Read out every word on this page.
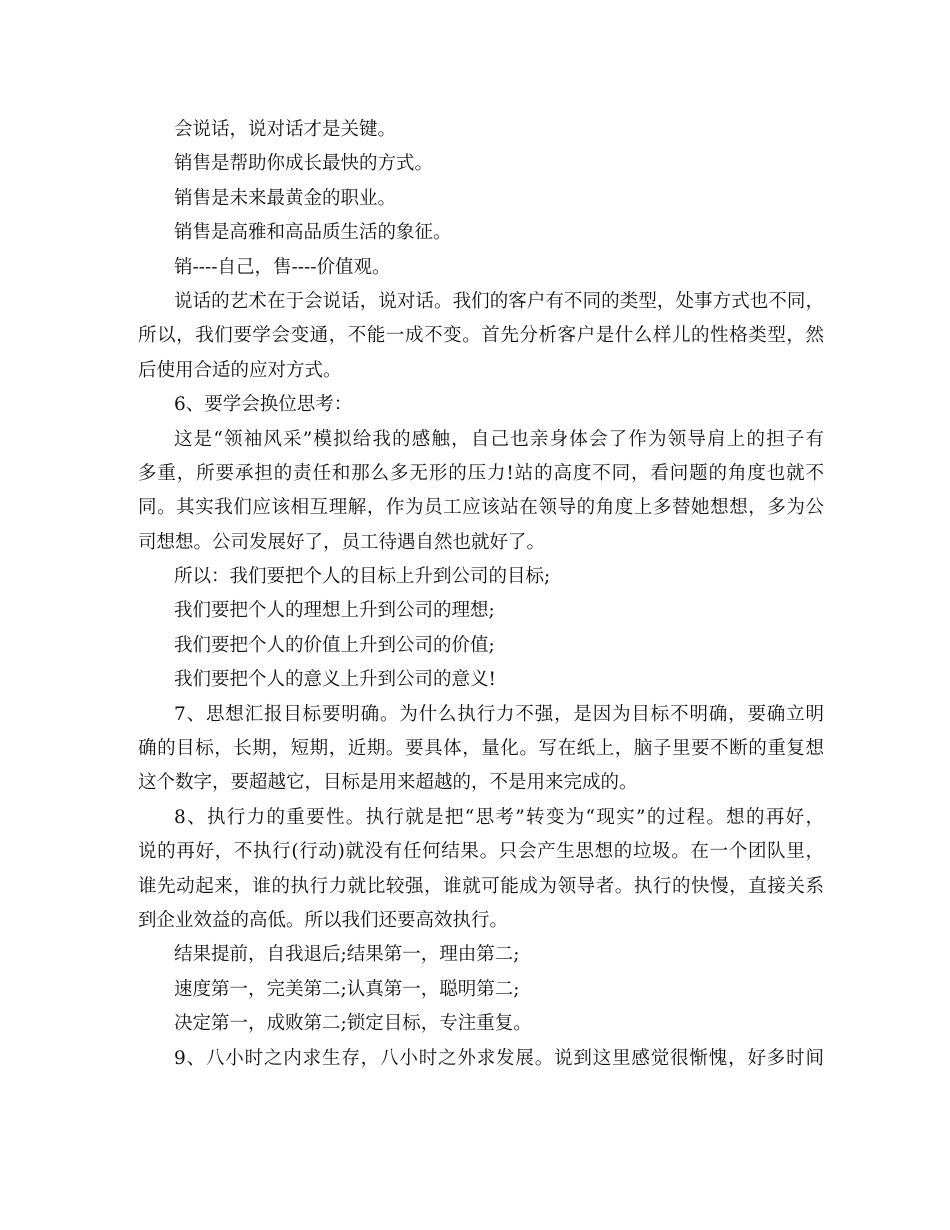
会说话，说对话才是关键。
销售是帮助你成长最快的方式。
销售是未来最黄金的职业。
销售是高雅和高品质生活的象征。
销----自己，售----价值观。
说话的艺术在于会说话，说对话。我们的客户有不同的类型，处事方式也不同，
所以，我们要学会变通，不能一成不变。首先分析客户是什么样儿的性格类型，然
后使用合适的应对方式。
6、要学会换位思考：
这是“领袖风采”模拟给我的感触，自己也亲身体会了作为领导肩上的担子有
多重，所要承担的责任和那么多无形的压力!站的高度不同，看问题的角度也就不
同。其实我们应该相互理解，作为员工应该站在领导的角度上多替她想想，多为公
司想想。公司发展好了，员工待遇自然也就好了。
所以：我们要把个人的目标上升到公司的目标;
我们要把个人的理想上升到公司的理想;
我们要把个人的价值上升到公司的价值;
我们要把个人的意义上升到公司的意义!
7、思想汇报目标要明确。为什么执行力不强，是因为目标不明确，要确立明
确的目标，长期，短期，近期。要具体，量化。写在纸上，脑子里要不断的重复想
这个数字，要超越它，目标是用来超越的，不是用来完成的。
8、执行力的重要性。执行就是把“思考”转变为“现实”的过程。想的再好，
说的再好，不执行(行动)就没有任何结果。只会产生思想的垃圾。在一个团队里，
谁先动起来，谁的执行力就比较强，谁就可能成为领导者。执行的快慢，直接关系
到企业效益的高低。所以我们还要高效执行。
结果提前，自我退后;结果第一，理由第二;
速度第一，完美第二;认真第一，聪明第二;
决定第一，成败第二;锁定目标，专注重复。
9、八小时之内求生存，八小时之外求发展。说到这里感觉很惭愧，好多时间
